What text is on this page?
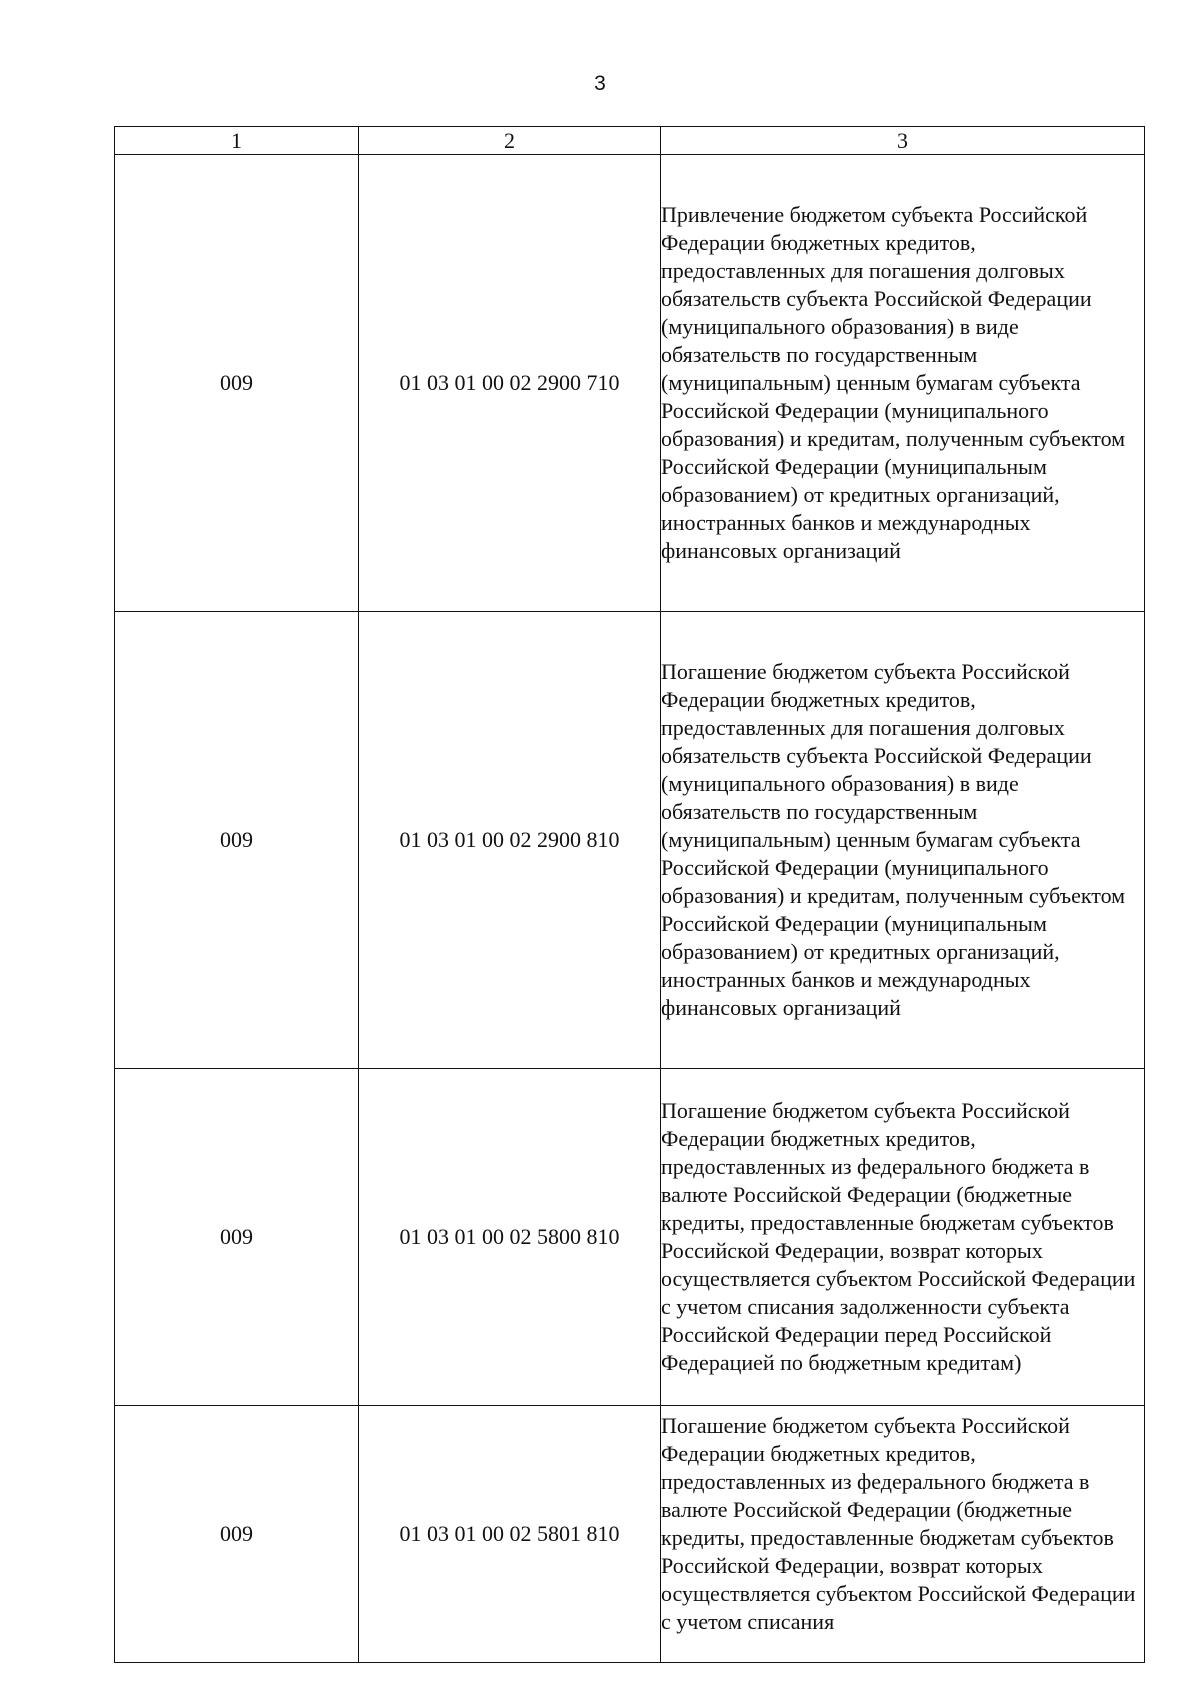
3
1	2	3
009	01 03 01 00 02 2900 710	Привлечение бюджетом субъекта Российской Федерации бюджетных кредитов, предоставленных для погашения долговых обязательств субъекта Российской Федерации (муниципального образования) в виде обязательств по государственным (муниципальным) ценным бумагам субъекта Российской Федерации (муниципального образования) и кредитам, полученным субъектом Российской Федерации (муниципальным образованием) от кредитных организаций, иностранных банков и международных финансовых организаций
009	01 03 01 00 02 2900 810	Погашение бюджетом субъекта Российской Федерации бюджетных кредитов, предоставленных для погашения долговых обязательств субъекта Российской Федерации (муниципального образования) в виде обязательств по государственным (муниципальным) ценным бумагам субъекта Российской Федерации (муниципального образования) и кредитам, полученным субъектом Российской Федерации (муниципальным образованием) от кредитных организаций, иностранных банков и международных финансовых организаций
009	01 03 01 00 02 5800 810	Погашение бюджетом субъекта Российской Федерации бюджетных кредитов, предоставленных из федерального бюджета в валюте Российской Федерации (бюджетные кредиты, предоставленные бюджетам субъектов Российской Федерации, возврат которых осуществляется субъектом Российской Федерации с учетом списания задолженности субъекта Российской Федерации перед Российской Федерацией по бюджетным кредитам)
009	01 03 01 00 02 5801 810	Погашение бюджетом субъекта Российской Федерации бюджетных кредитов, предоставленных из федерального бюджета в валюте Российской Федерации (бюджетные кредиты, предоставленные бюджетам субъектов Российской Федерации, возврат которых осуществляется субъектом Российской Федерации с учетом списания
